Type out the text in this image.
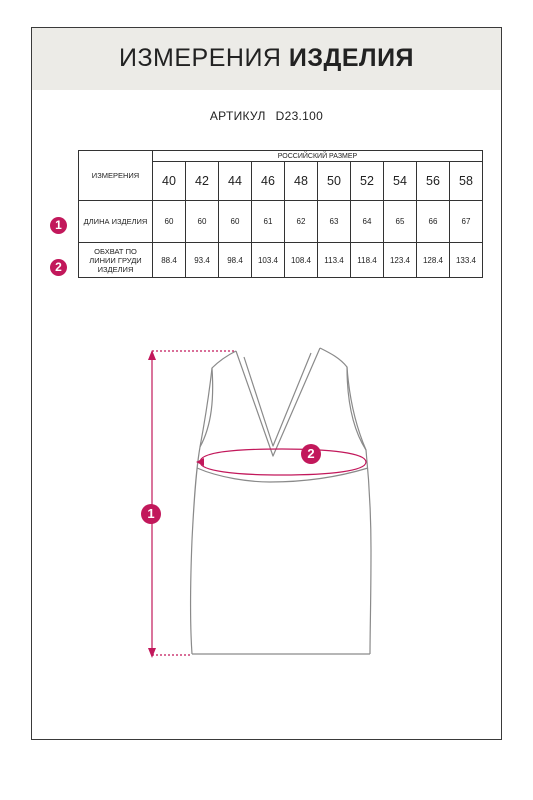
ИЗМЕРЕНИЯ ИЗДЕЛИЯ
АРТИКУЛ D23.100
ИЗМЕРЕНИЯ	РОССИЙСКИЙ РАЗМЕР									
	40	42	44	46	48	50	52	54	56	58
ДЛИНА ИЗДЕЛИЯ	60	60	60	61	62	63	64	65	66	67
ОБХВАТ ПО ЛИНИИ ГРУДИ ИЗДЕЛИЯ	88.4	93.4	98.4	103.4	108.4	113.4	118.4	123.4	128.4	133.4
1
2
1
2
